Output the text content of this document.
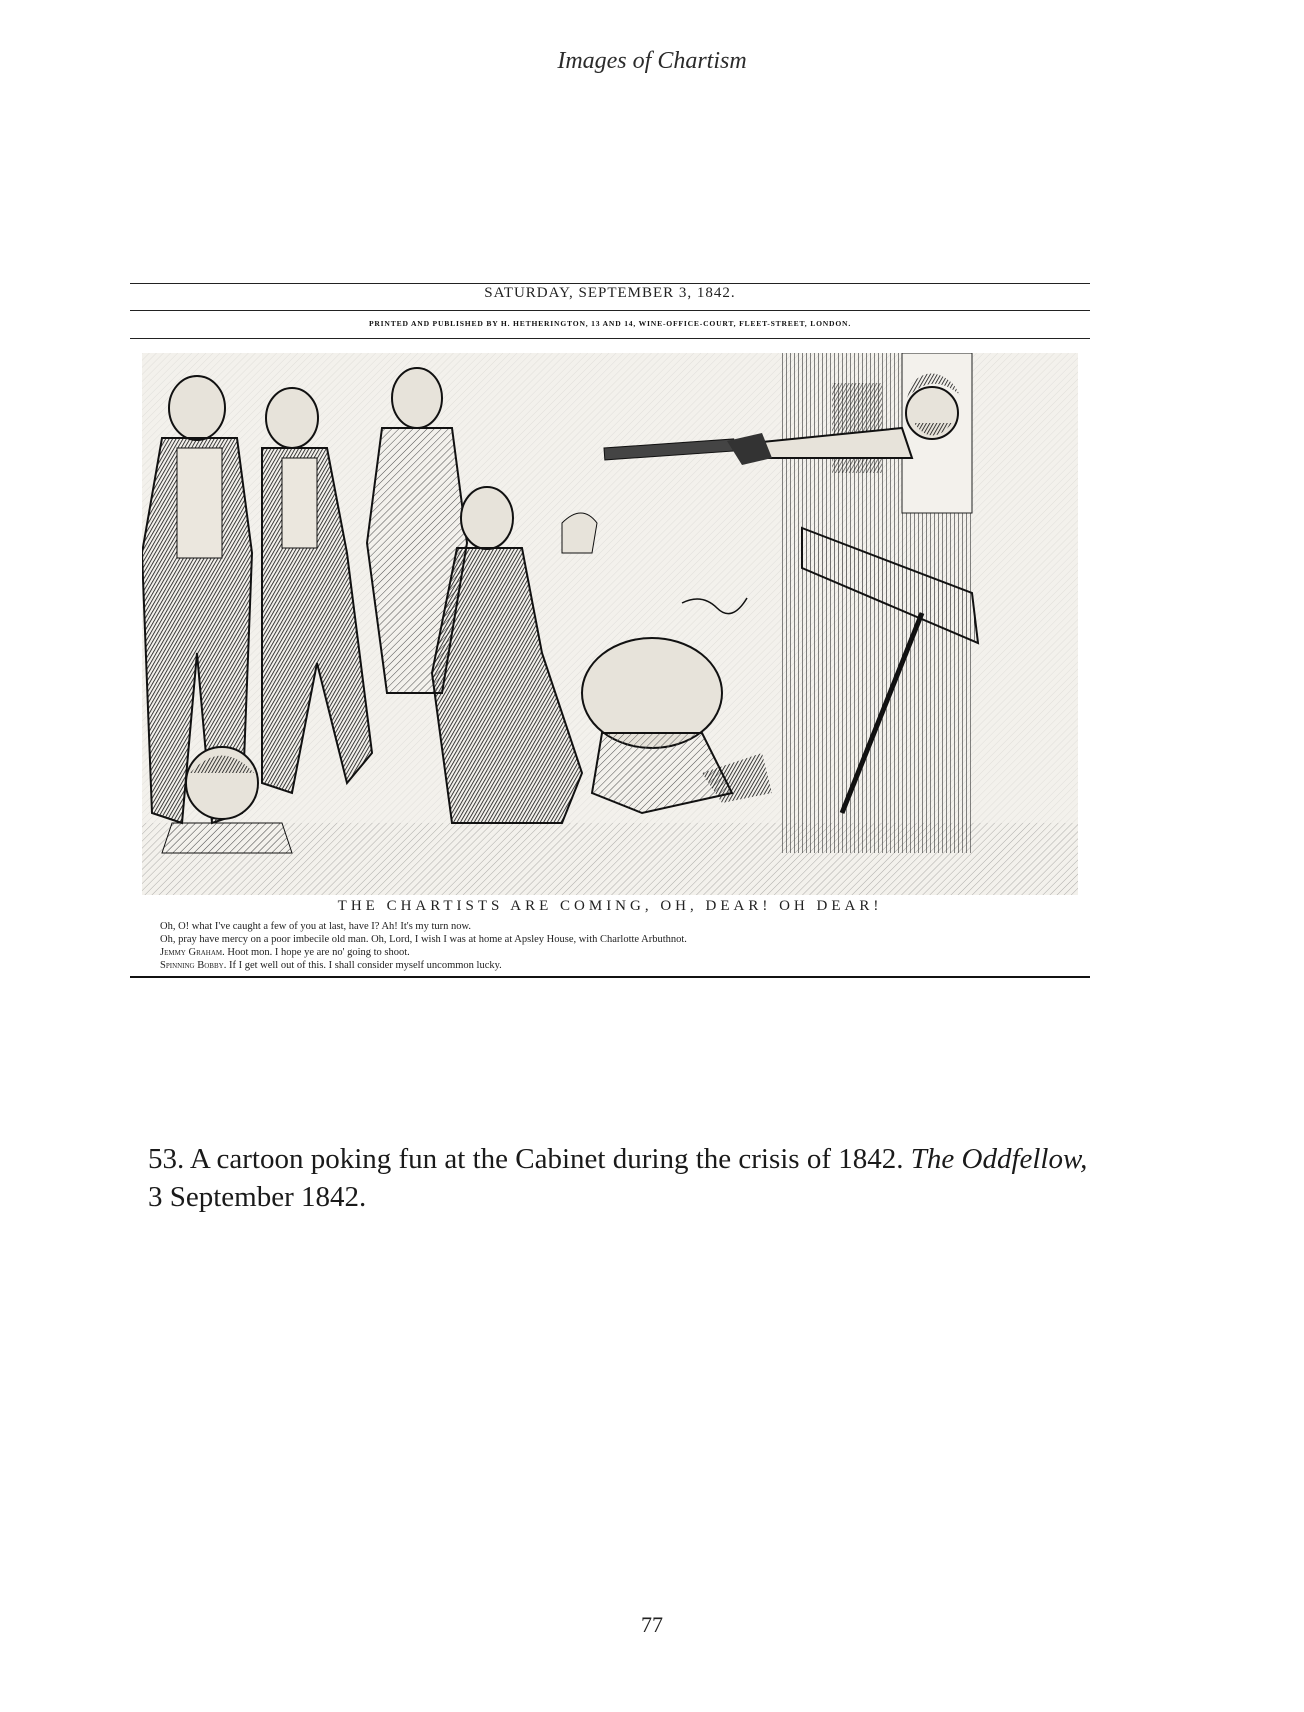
Images of Chartism
SATURDAY, SEPTEMBER 3, 1842.
PRINTED AND PUBLISHED BY H. HETHERINGTON, 13 AND 14, WINE-OFFICE-COURT, FLEET-STREET, LONDON.
THE CHARTISTS ARE COMING, OH, DEAR! OH DEAR!
Oh, O! what I've caught a few of you at last, have I? Ah! It's my turn now.
Oh, pray have mercy on a poor imbecile old man. Oh, Lord, I wish I was at home at Apsley House, with Charlotte Arbuthnot.
Jemmy Graham. Hoot mon. I hope ye are no' going to shoot.
Spinning Bobby. If I get well out of this. I shall consider myself uncommon lucky.
53. A cartoon poking fun at the Cabinet during the crisis of 1842. The Oddfellow, 3 September 1842.
77
